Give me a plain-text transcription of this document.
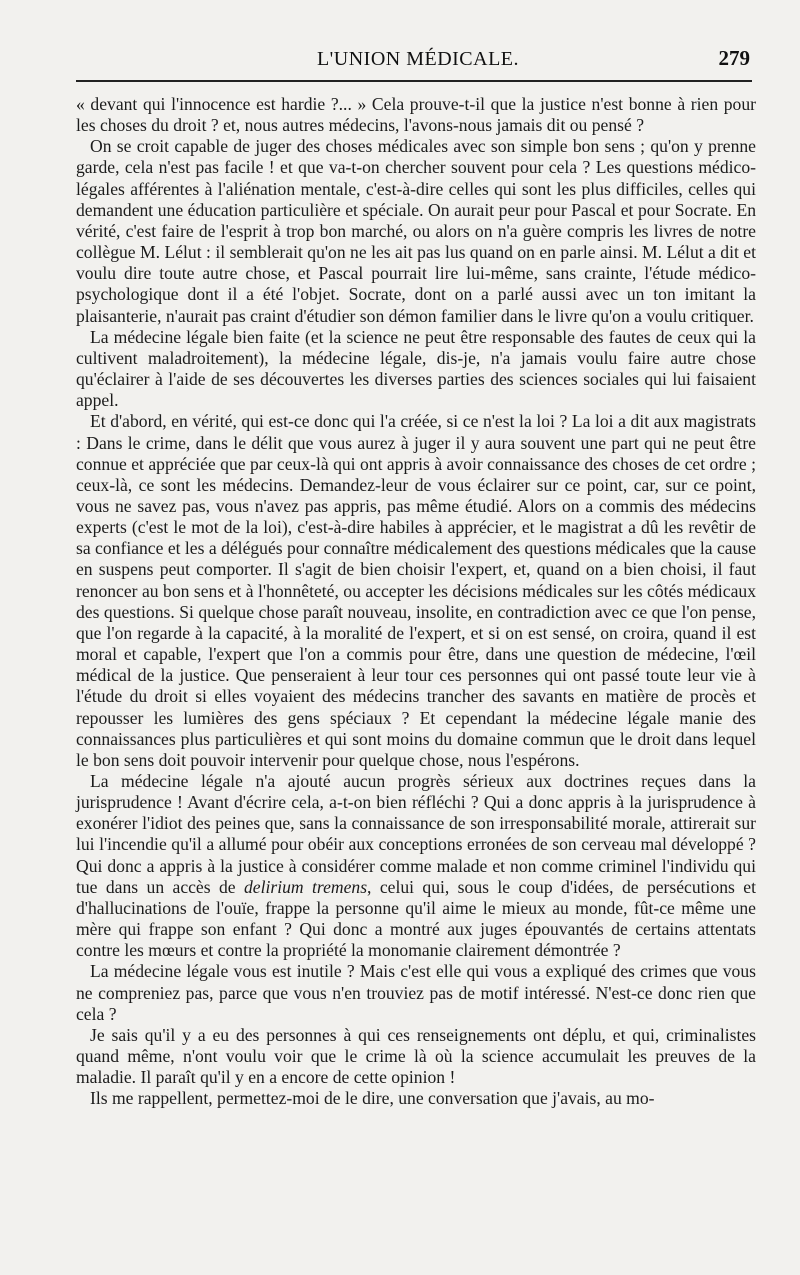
L'UNION MÉDICALE.	279

« devant qui l'innocence est hardie ?... » Cela prouve-t-il que la justice n'est bonne à rien pour les choses du droit ? et, nous autres médecins, l'avons-nous jamais dit ou pensé ?

On se croit capable de juger des choses médicales avec son simple bon sens ; qu'on y prenne garde, cela n'est pas facile ! et que va-t-on chercher souvent pour cela ? Les questions médico-légales afférentes à l'aliénation mentale, c'est-à-dire celles qui sont les plus difficiles, celles qui demandent une éducation particulière et spéciale. On aurait peur pour Pascal et pour Socrate. En vérité, c'est faire de l'esprit à trop bon marché, ou alors on n'a guère compris les livres de notre collègue M. Lélut : il semblerait qu'on ne les ait pas lus quand on en parle ainsi. M. Lélut a dit et voulu dire toute autre chose, et Pascal pourrait lire lui-même, sans crainte, l'étude médico-psychologique dont il a été l'objet. Socrate, dont on a parlé aussi avec un ton imitant la plaisanterie, n'aurait pas craint d'étudier son démon familier dans le livre qu'on a voulu critiquer.

La médecine légale bien faite (et la science ne peut être responsable des fautes de ceux qui la cultivent maladroitement), la médecine légale, dis-je, n'a jamais voulu faire autre chose qu'éclairer à l'aide de ses découvertes les diverses parties des sciences sociales qui lui faisaient appel.

Et d'abord, en vérité, qui est-ce donc qui l'a créée, si ce n'est la loi ? La loi a dit aux magistrats : Dans le crime, dans le délit que vous aurez à juger il y aura souvent une part qui ne peut être connue et appréciée que par ceux-là qui ont appris à avoir connaissance des choses de cet ordre ; ceux-là, ce sont les médecins. Demandez-leur de vous éclairer sur ce point, car, sur ce point, vous ne savez pas, vous n'avez pas appris, pas même étudié. Alors on a commis des médecins experts (c'est le mot de la loi), c'est-à-dire habiles à apprécier, et le magistrat a dû les revêtir de sa confiance et les a délégués pour connaître médicalement des questions médicales que la cause en suspens peut comporter. Il s'agit de bien choisir l'expert, et, quand on a bien choisi, il faut renoncer au bon sens et à l'honnêteté, ou accepter les décisions médicales sur les côtés médicaux des questions. Si quelque chose paraît nouveau, insolite, en contradiction avec ce que l'on pense, que l'on regarde à la capacité, à la moralité de l'expert, et si on est sensé, on croira, quand il est moral et capable, l'expert que l'on a commis pour être, dans une question de médecine, l'œil médical de la justice. Que penseraient à leur tour ces personnes qui ont passé toute leur vie à l'étude du droit si elles voyaient des médecins trancher des savants en matière de procès et repousser les lumières des gens spéciaux ? Et cependant la médecine légale manie des connaissances plus particulières et qui sont moins du domaine commun que le droit dans lequel le bon sens doit pouvoir intervenir pour quelque chose, nous l'espérons.

La médecine légale n'a ajouté aucun progrès sérieux aux doctrines reçues dans la jurisprudence ! Avant d'écrire cela, a-t-on bien réfléchi ? Qui a donc appris à la jurisprudence à exonérer l'idiot des peines que, sans la connaissance de son irresponsabilité morale, attirerait sur lui l'incendie qu'il a allumé pour obéir aux conceptions erronées de son cerveau mal développé ? Qui donc a appris à la justice à considérer comme malade et non comme criminel l'individu qui tue dans un accès de delirium tremens, celui qui, sous le coup d'idées, de persécutions et d'hallucinations de l'ouïe, frappe la personne qu'il aime le mieux au monde, fût-ce même une mère qui frappe son enfant ? Qui donc a montré aux juges épouvantés de certains attentats contre les mœurs et contre la propriété la monomanie clairement démontrée ?

La médecine légale vous est inutile ? Mais c'est elle qui vous a expliqué des crimes que vous ne compreniez pas, parce que vous n'en trouviez pas de motif intéressé. N'est-ce donc rien que cela ?

Je sais qu'il y a eu des personnes à qui ces renseignements ont déplu, et qui, criminalistes quand même, n'ont voulu voir que le crime là où la science accumulait les preuves de la maladie. Il paraît qu'il y en a encore de cette opinion !

Ils me rappellent, permettez-moi de le dire, une conversation que j'avais, au mo-
